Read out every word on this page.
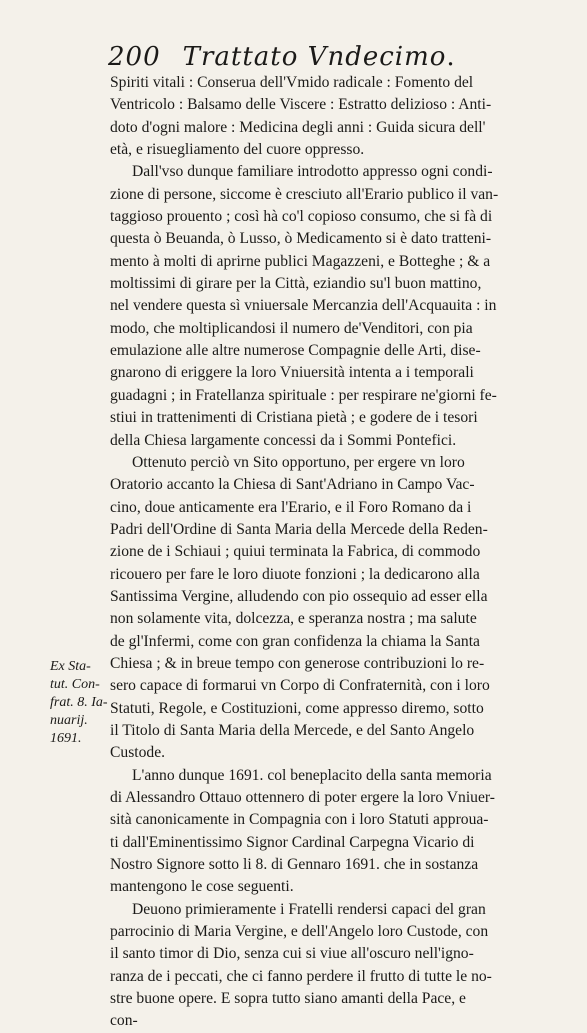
200 Trattato Vndecimo .
Spiriti vitali : Conserua dell'Vmido radicale : Fomento del
Ventricolo : Balsamo delle Viscere : Estratto delizioso : Anti-
doto d'ogni malore : Medicina degli anni : Guida sicura dell'
età, e risuegliamento del cuore oppresso.
Dall'vso dunque familiare introdotto appresso ogni condi-
zione di persone, siccome è cresciuto all'Erario publico il van-
taggioso prouento ; così hà co'l copioso consumo, che si fà di
questa ò Beuanda, ò Lusso, ò Medicamento si è dato tratteni-
mento à molti di aprirne publici Magazzeni, e Botteghe ; & a
moltissimi di girare per la Città, eziandio su'l buon mattino,
nel vendere questa sì vniuersale Mercanzia dell'Acquauita : in
modo, che moltiplicandosi il numero de'Venditori, con pia
emulazione alle altre numerose Compagnie delle Arti, dise-
gnarono di eriggere la loro Vniuersità intenta a i temporali
guadagni ; in Fratellanza spirituale : per respirare ne'giorni fe-
stiui in trattenimenti di Cristiana pietà ; e godere de i tesori
della Chiesa largamente concessi da i Sommi Pontefici.
Ottenuto perciò vn Sito opportuno, per ergere vn loro
Oratorio accanto la Chiesa di Sant'Adriano in Campo Vac-
cino, doue anticamente era l'Erario, e il Foro Romano da i
Padri dell'Ordine di Santa Maria della Mercede della Reden-
zione de i Schiaui ; quiui terminata la Fabrica, di commodo
ricouero per fare le loro diuote fonzioni ; la dedicarono alla
Santissima Vergine, alludendo con pio ossequio ad esser ella
non solamente vita, dolcezza, e speranza nostra ; ma salute
de gl'Infermi, come con gran confidenza la chiama la Santa
Chiesa ; & in breue tempo con generose contribuzioni lo re-
sero capace di formarui vn Corpo di Confraternità, con i loro
Statuti, Regole, e Costituzioni, come appresso diremo, sotto
il Titolo di Santa Maria della Mercede, e del Santo Angelo
Custode.
L'anno dunque 1691. col beneplacito della santa memoria
di Alessandro Ottauo ottennero di poter ergere la loro Vniuer-
sità canonicamente in Compagnia con i loro Statuti approua-
ti dall'Eminentissimo Signor Cardinal Carpegna Vicario di
Nostro Signore sotto li 8. di Gennaro 1691. che in sostanza
mantengono le cose seguenti.
Deuono primieramente i Fratelli rendersi capaci del gran
parrocinio di Maria Vergine, e dell'Angelo loro Custode, con
il santo timor di Dio, senza cui si viue all'oscuro nell'igno-
ranza de i peccati, che ci fanno perdere il frutto di tutte le no-
stre buone opere. E sopra tutto siano amanti della Pace, e
con-
Ex Sta-
tut. Con-
frat. 8. Ia-
nuarij.
1691.
